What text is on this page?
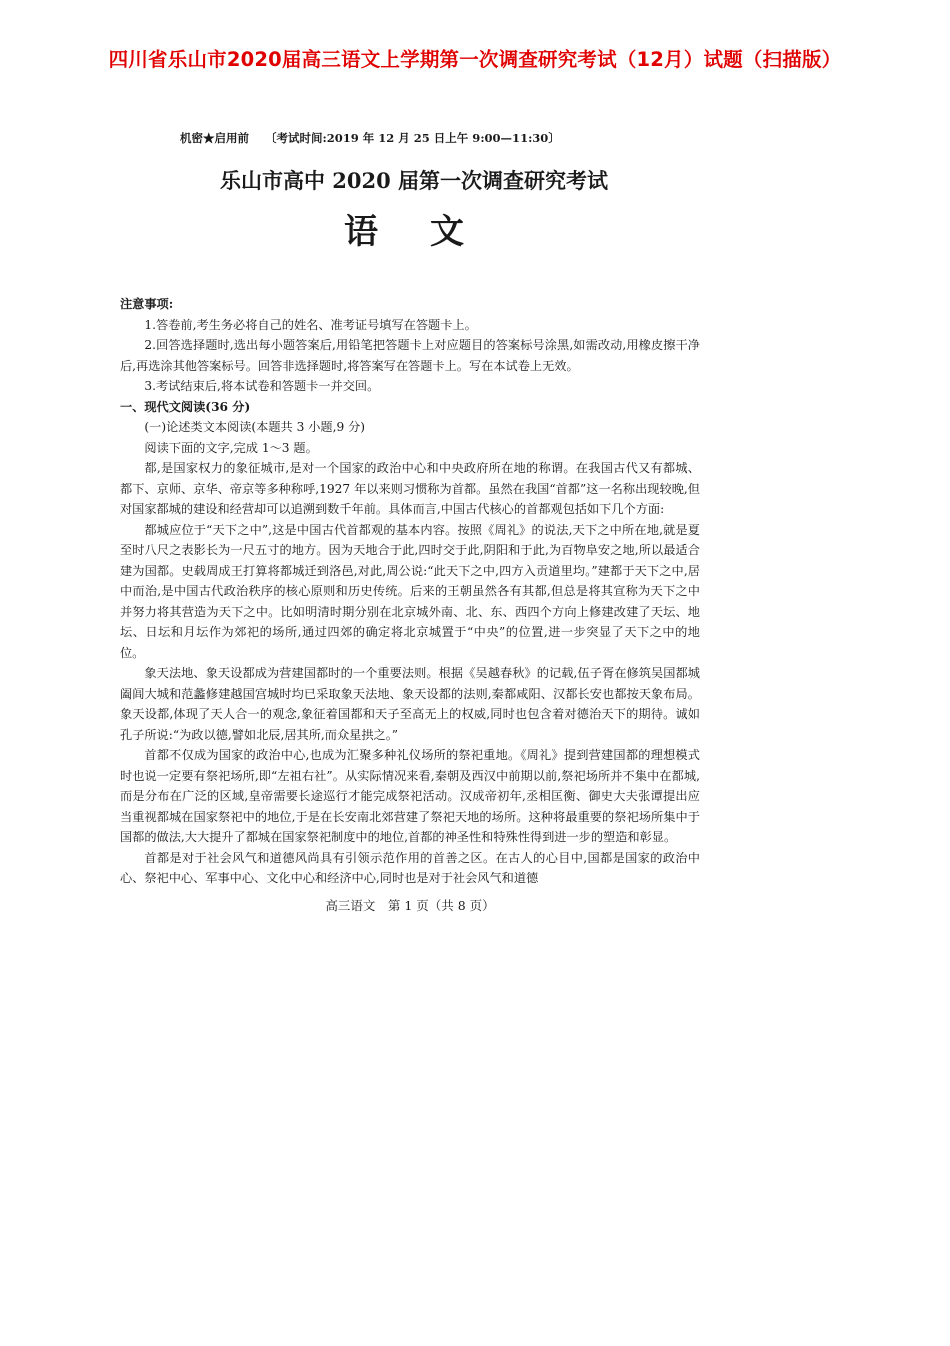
四川省乐山市2020届高三语文上学期第一次调查研究考试（12月）试题（扫描版）
机密★启用前 〔考试时间:2019 年 12 月 25 日上午 9:00—11:30〕
乐山市高中 2020 届第一次调查研究考试
语文

注意事项:

1.答卷前,考生务必将自己的姓名、准考证号填写在答题卡上。

2.回答选择题时,选出每小题答案后,用铅笔把答题卡上对应题目的答案标号涂黑,如需改动,用橡皮擦干净后,再选涂其他答案标号。回答非选择题时,将答案写在答题卡上。写在本试卷上无效。

3.考试结束后,将本试卷和答题卡一并交回。

一、现代文阅读(36 分)

(一)论述类文本阅读(本题共 3 小题,9 分)

阅读下面的文字,完成 1～3 题。

都,是国家权力的象征城市,是对一个国家的政治中心和中央政府所在地的称谓。在我国古代又有都城、都下、京师、京华、帝京等多种称呼,1927 年以来则习惯称为首都。虽然在我国“首都”这一名称出现较晚,但对国家都城的建设和经营却可以追溯到数千年前。具体而言,中国古代核心的首都观包括如下几个方面:

都城应位于“天下之中”,这是中国古代首都观的基本内容。按照《周礼》的说法,天下之中所在地,就是夏至时八尺之表影长为一尺五寸的地方。因为天地合于此,四时交于此,阴阳和于此,为百物阜安之地,所以最适合建为国都。史载周成王打算将都城迁到洛邑,对此,周公说:“此天下之中,四方入贡道里均。”建都于天下之中,居中而治,是中国古代政治秩序的核心原则和历史传统。后来的王朝虽然各有其都,但总是将其宣称为天下之中并努力将其营造为天下之中。比如明清时期分别在北京城外南、北、东、西四个方向上修建改建了天坛、地坛、日坛和月坛作为郊祀的场所,通过四郊的确定将北京城置于“中央”的位置,进一步突显了天下之中的地位。

象天法地、象天设都成为营建国都时的一个重要法则。根据《吴越春秋》的记载,伍子胥在修筑吴国都城阖闾大城和范蠡修建越国宫城时均已采取象天法地、象天设都的法则,秦都咸阳、汉都长安也都按天象布局。象天设都,体现了天人合一的观念,象征着国都和天子至高无上的权威,同时也包含着对德治天下的期待。诚如孔子所说:“为政以德,譬如北辰,居其所,而众星拱之。”

首都不仅成为国家的政治中心,也成为汇聚多种礼仪场所的祭祀重地。《周礼》提到营建国都的理想模式时也说一定要有祭祀场所,即“左祖右社”。从实际情况来看,秦朝及西汉中前期以前,祭祀场所并不集中在都城,而是分布在广泛的区域,皇帝需要长途巡行才能完成祭祀活动。汉成帝初年,丞相匡衡、御史大夫张谭提出应当重视都城在国家祭祀中的地位,于是在长安南北郊营建了祭祀天地的场所。这种将最重要的祭祀场所集中于国都的做法,大大提升了都城在国家祭祀制度中的地位,首都的神圣性和特殊性得到进一步的塑造和彰显。

首都是对于社会风气和道德风尚具有引领示范作用的首善之区。在古人的心目中,国都是国家的政治中心、祭祀中心、军事中心、文化中心和经济中心,同时也是对于社会风气和道德

高三语文　第 1 页（共 8 页）
